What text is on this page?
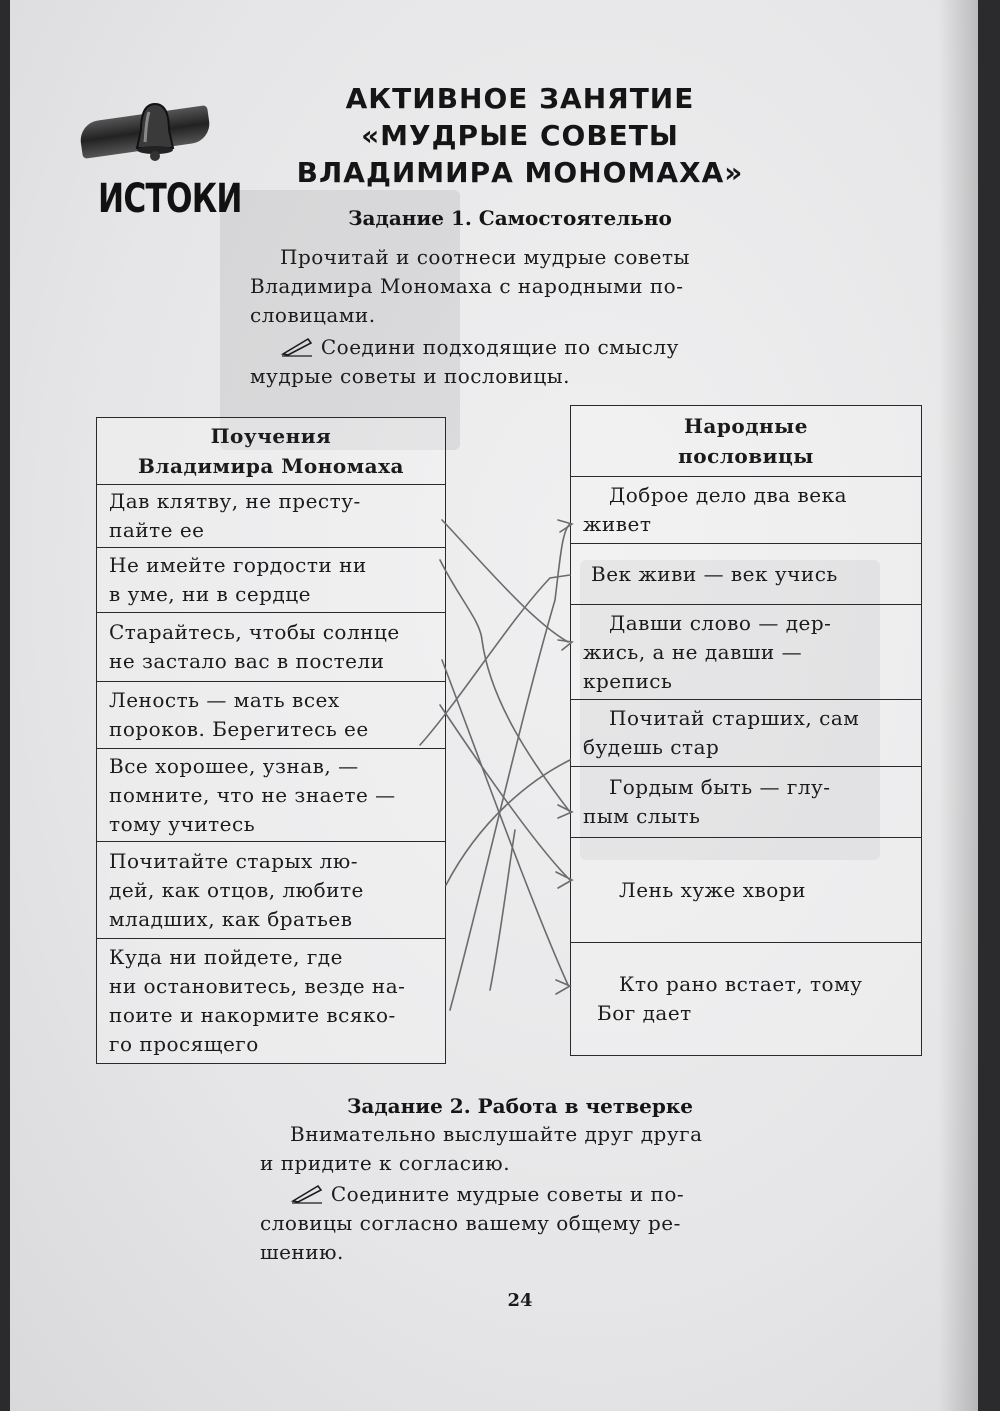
ИСТОКИ
АКТИВНОЕ ЗАНЯТИЕ
«МУДРЫЕ СОВЕТЫ
ВЛАДИМИРА МОНОМАХА»
Задание 1. Самостоятельно
Прочитай и соотнеси мудрые советы
Владимира Мономаха с народными по-
словицами.
Соедини подходящие по смыслу
мудрые советы и пословицы.
Поучения
Владимира Мономаха

Дав клятву, не престу-
пайте ее

Не имейте гордости ни
в уме, ни в сердце

Старайтесь, чтобы солнце
не застало вас в постели

Леность — мать всех
пороков. Берегитесь ее

Все хорошее, узнав, —
помните, что не знаете —
тому учитесь

Почитайте старых лю-
дей, как отцов, любите
младших, как братьев

Куда ни пойдете, где
ни остановитесь, везде на-
поите и накормите всяко-
го просящего
Народные
пословицы

Доброе дело два века
живет

Век живи — век учись

Давши слово — дер-
жись, а не давши —
крепись

Почитай старших, сам
будешь стар

Гордым быть — глу-
пым слыть

Лень хуже хвори

Кто рано встает, тому
Бог дает
Задание 2. Работа в четверке
Внимательно выслушайте друг друга
и придите к согласию.
Соедините мудрые советы и по-
словицы согласно вашему общему ре-
шению.
24
